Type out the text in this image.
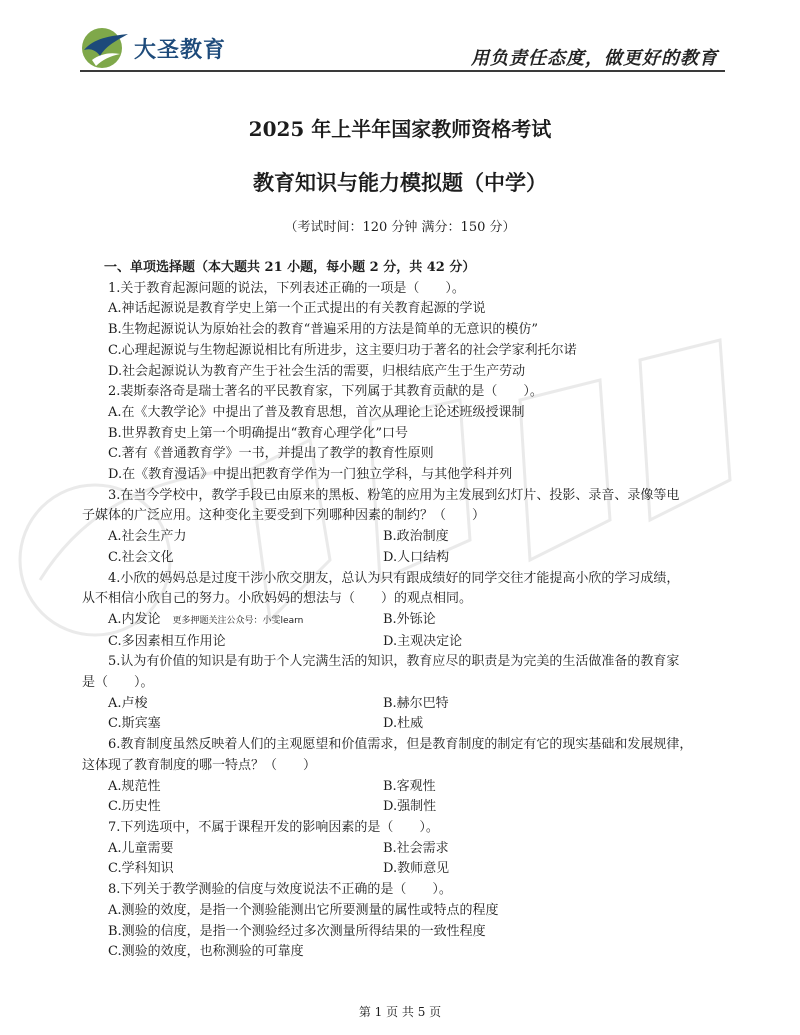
大圣教育	用负责任态度，做更好的教育
2025 年上半年国家教师资格考试
教育知识与能力模拟题（中学）
（考试时间：120 分钟 满分：150 分）
一、单项选择题（本大题共 21 小题，每小题 2 分，共 42 分）
1.关于教育起源问题的说法，下列表述正确的一项是（　　）。
A.神话起源说是教育学史上第一个正式提出的有关教育起源的学说
B.生物起源说认为原始社会的教育“普遍采用的方法是简单的无意识的模仿”
C.心理起源说与生物起源说相比有所进步，这主要归功于著名的社会学家利托尔诺
D.社会起源说认为教育产生于社会生活的需要，归根结底产生于生产劳动
2.裴斯泰洛奇是瑞士著名的平民教育家，下列属于其教育贡献的是（　　）。
A.在《大教学论》中提出了普及教育思想，首次从理论上论述班级授课制
B.世界教育史上第一个明确提出“教育心理学化”口号
C.著有《普通教育学》一书，并提出了教学的教育性原则
D.在《教育漫话》中提出把教育学作为一门独立学科，与其他学科并列
3.在当今学校中，教学手段已由原来的黑板、粉笔的应用为主发展到幻灯片、投影、录音、录像等电
子媒体的广泛应用。这种变化主要受到下列哪种因素的制约？（　　）
A.社会生产力	B.政治制度
C.社会文化	D.人口结构
4.小欣的妈妈总是过度干涉小欣交朋友，总认为只有跟成绩好的同学交往才能提高小欣的学习成绩，
从不相信小欣自己的努力。小欣妈妈的想法与（　　）的观点相同。
A.内发论 更多押题关注公众号：小雯learn	B.外铄论
C.多因素相互作用论	D.主观决定论
5.认为有价值的知识是有助于个人完满生活的知识，教育应尽的职责是为完美的生活做准备的教育家
是（　　）。
A.卢梭	B.赫尔巴特
C.斯宾塞	D.杜威
6.教育制度虽然反映着人们的主观愿望和价值需求，但是教育制度的制定有它的现实基础和发展规律，
这体现了教育制度的哪一特点？（　　）
A.规范性	B.客观性
C.历史性	D.强制性
7.下列选项中，不属于课程开发的影响因素的是（　　）。
A.儿童需要	B.社会需求
C.学科知识	D.教师意见
8.下列关于教学测验的信度与效度说法不正确的是（　　）。
A.测验的效度，是指一个测验能测出它所要测量的属性或特点的程度
B.测验的信度，是指一个测验经过多次测量所得结果的一致性程度
C.测验的效度，也称测验的可靠度
第 1 页 共 5 页
